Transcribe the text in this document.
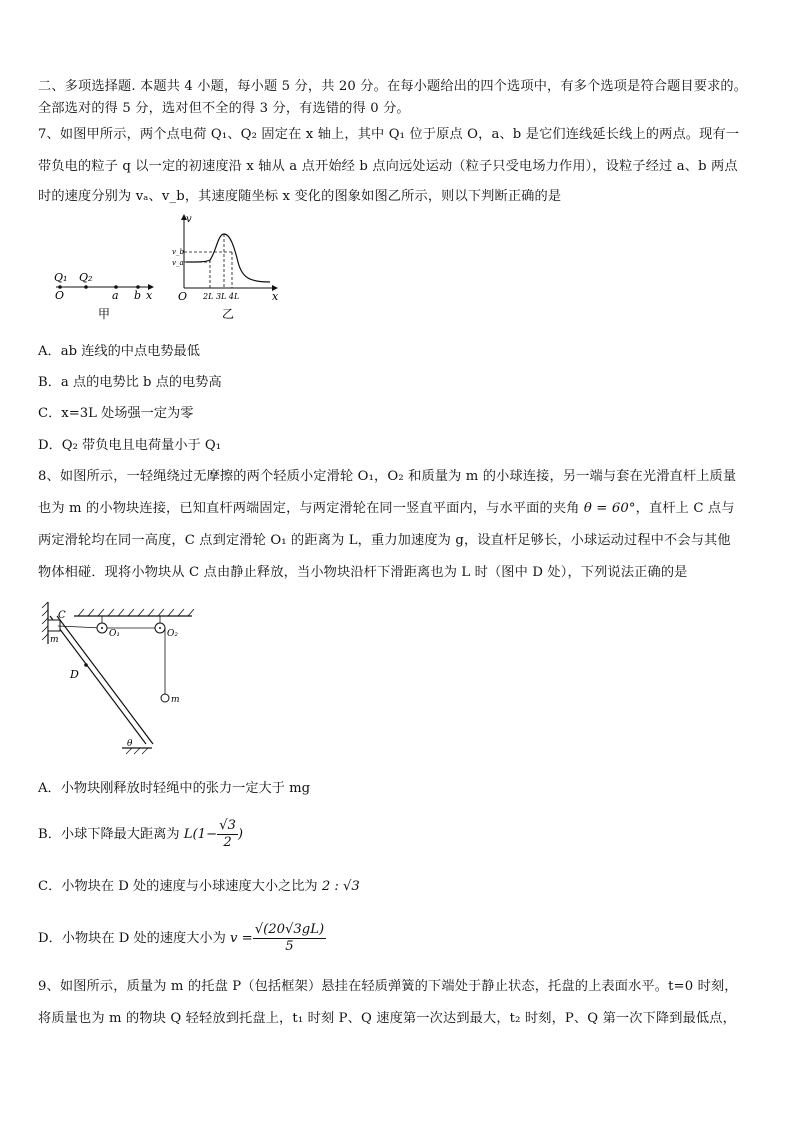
二、多项选择题. 本题共 4 小题，每小题 5 分，共 20 分。在每小题给出的四个选项中，有多个选项是符合题目要求的。
全部选对的得 5 分，选对但不全的得 3 分，有选错的得 0 分。
7、如图甲所示，两个点电荷 Q₁、Q₂ 固定在 x 轴上，其中 Q₁ 位于原点 O，a、b 是它们连线延长线上的两点。现有一
带负电的粒子 q 以一定的初速度沿 x 轴从 a 点开始经 b 点向远处运动（粒子只受电场力作用），设粒子经过 a、b 两点
时的速度分别为 vₐ、v_b，其速度随坐标 x 变化的图象如图乙所示，则以下判断正确的是
Q₁ Q₂
O	a b x
甲
v
v_b
v_a
O 2L 3L 4L	x
乙
A．ab 连线的中点电势最低
B．a 点的电势比 b 点的电势高
C．x=3L 处场强一定为零
D．Q₂ 带负电且电荷量小于 Q₁
8、如图所示，一轻绳绕过无摩擦的两个轻质小定滑轮 O₁，O₂ 和质量为 m 的小球连接，另一端与套在光滑直杆上质量
也为 m 的小物块连接，已知直杆两端固定，与两定滑轮在同一竖直平面内，与水平面的夹角 θ = 60°，直杆上 C 点与
两定滑轮均在同一高度，C 点到定滑轮 O₁ 的距离为 L，重力加速度为 g，设直杆足够长，小球运动过程中不会与其他
物体相碰．现将小物块从 C 点由静止释放，当小物块沿杆下滑距离也为 L 时（图中 D 处），下列说法正确的是
C
m
O₁	O₂
D
m
θ
A．小物块刚释放时轻绳中的张力一定大于 mg
B．小球下降最大距离为 $L(1- \frac{√3}{2}$ )
C．小物块在 D 处的速度与小球速度大小之比为 2 : √3
D．小物块在 D 处的速度大小为 $v = \frac{√(20√3gL)}{5}$
9、如图所示，质量为 m 的托盘 P（包括框架）悬挂在轻质弹簧的下端处于静止状态，托盘的上表面水平。t=0 时刻，
将质量也为 m 的物块 Q 轻轻放到托盘上，t₁ 时刻 P、Q 速度第一次达到最大，t₂ 时刻，P、Q 第一次下降到最低点，
